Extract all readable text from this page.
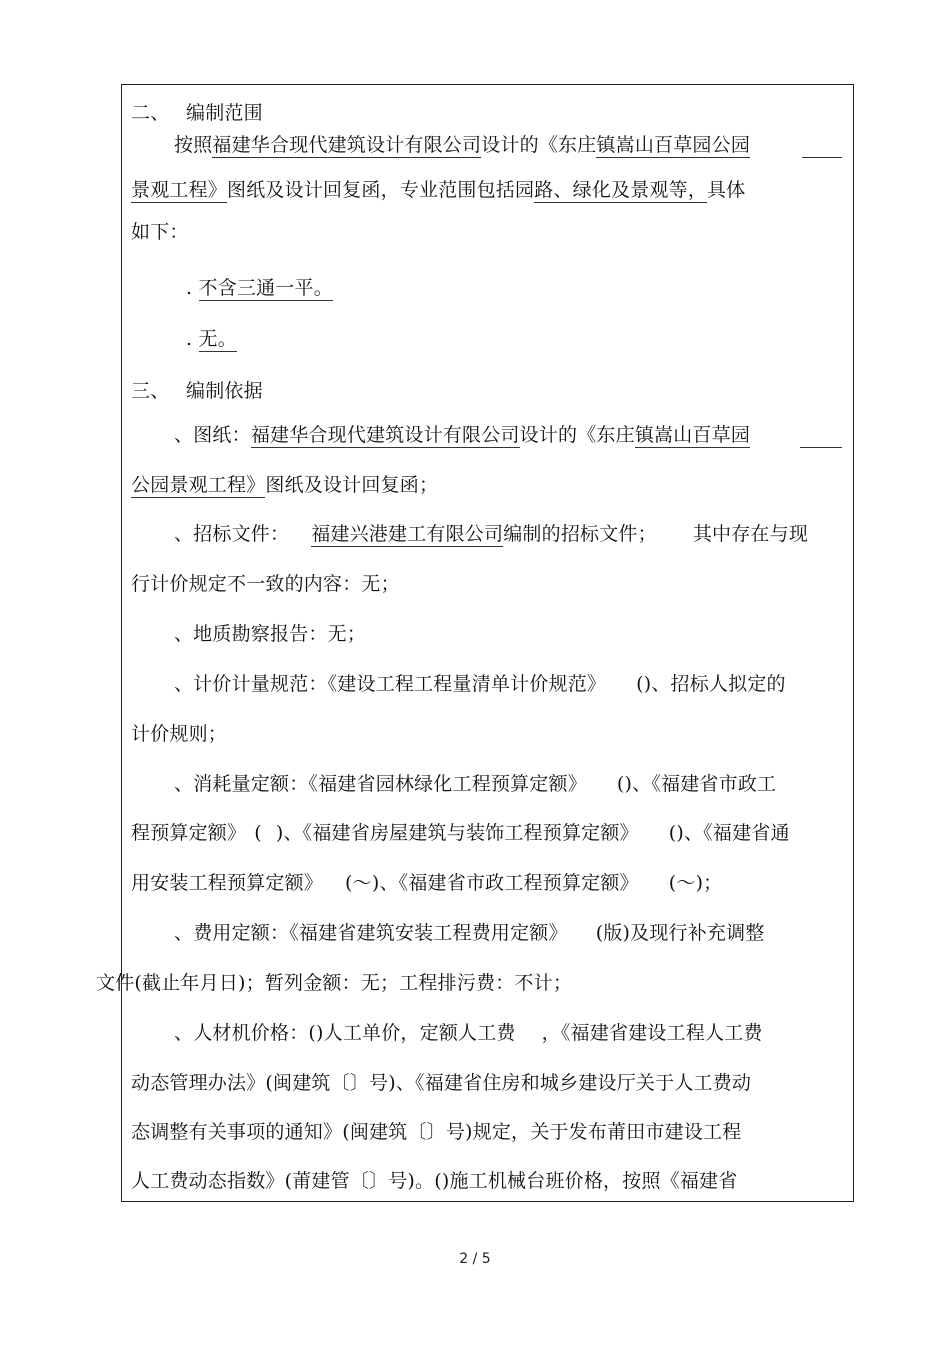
二、 编制范围
按照福建华合现代建筑设计有限公司设计的《东庄镇嵩山百草园公园
景观工程》图纸及设计回复函，专业范围包括园路、绿化及景观等，具体
如下：
. 不含三通一平。
. 无。
三、 编制依据
、图纸：福建华合现代建筑设计有限公司设计的《东庄镇嵩山百草园
公园景观工程》图纸及设计回复函；
、招标文件： 福建兴港建工有限公司编制的招标文件； 其中存在与现
行计价规定不一致的内容：无；
、地质勘察报告：无；
、计价计量规范：《建设工程工程量清单计价规范》 ()、招标人拟定的
计价规则；
、消耗量定额：《福建省园林绿化工程预算定额》 ()、《福建省市政工
程预算定额》 ( )、《福建省房屋建筑与装饰工程预算定额》 ()、《福建省通
用安装工程预算定额》 (～)、《福建省市政工程预算定额》 (～)；
、费用定额：《福建省建筑安装工程费用定额》 (版)及现行补充调整
文件(截止年月日)；暂列金额：无；工程排污费：不计；
、人材机价格：()人工单价，定额人工费 ，《福建省建设工程人工费
动态管理办法》(闽建筑〔〕号)、《福建省住房和城乡建设厅关于人工费动
态调整有关事项的通知》(闽建筑〔〕号)规定，关于发布莆田市建设工程
人工费动态指数》(莆建管〔〕号)。()施工机械台班价格，按照《福建省
2 / 5
